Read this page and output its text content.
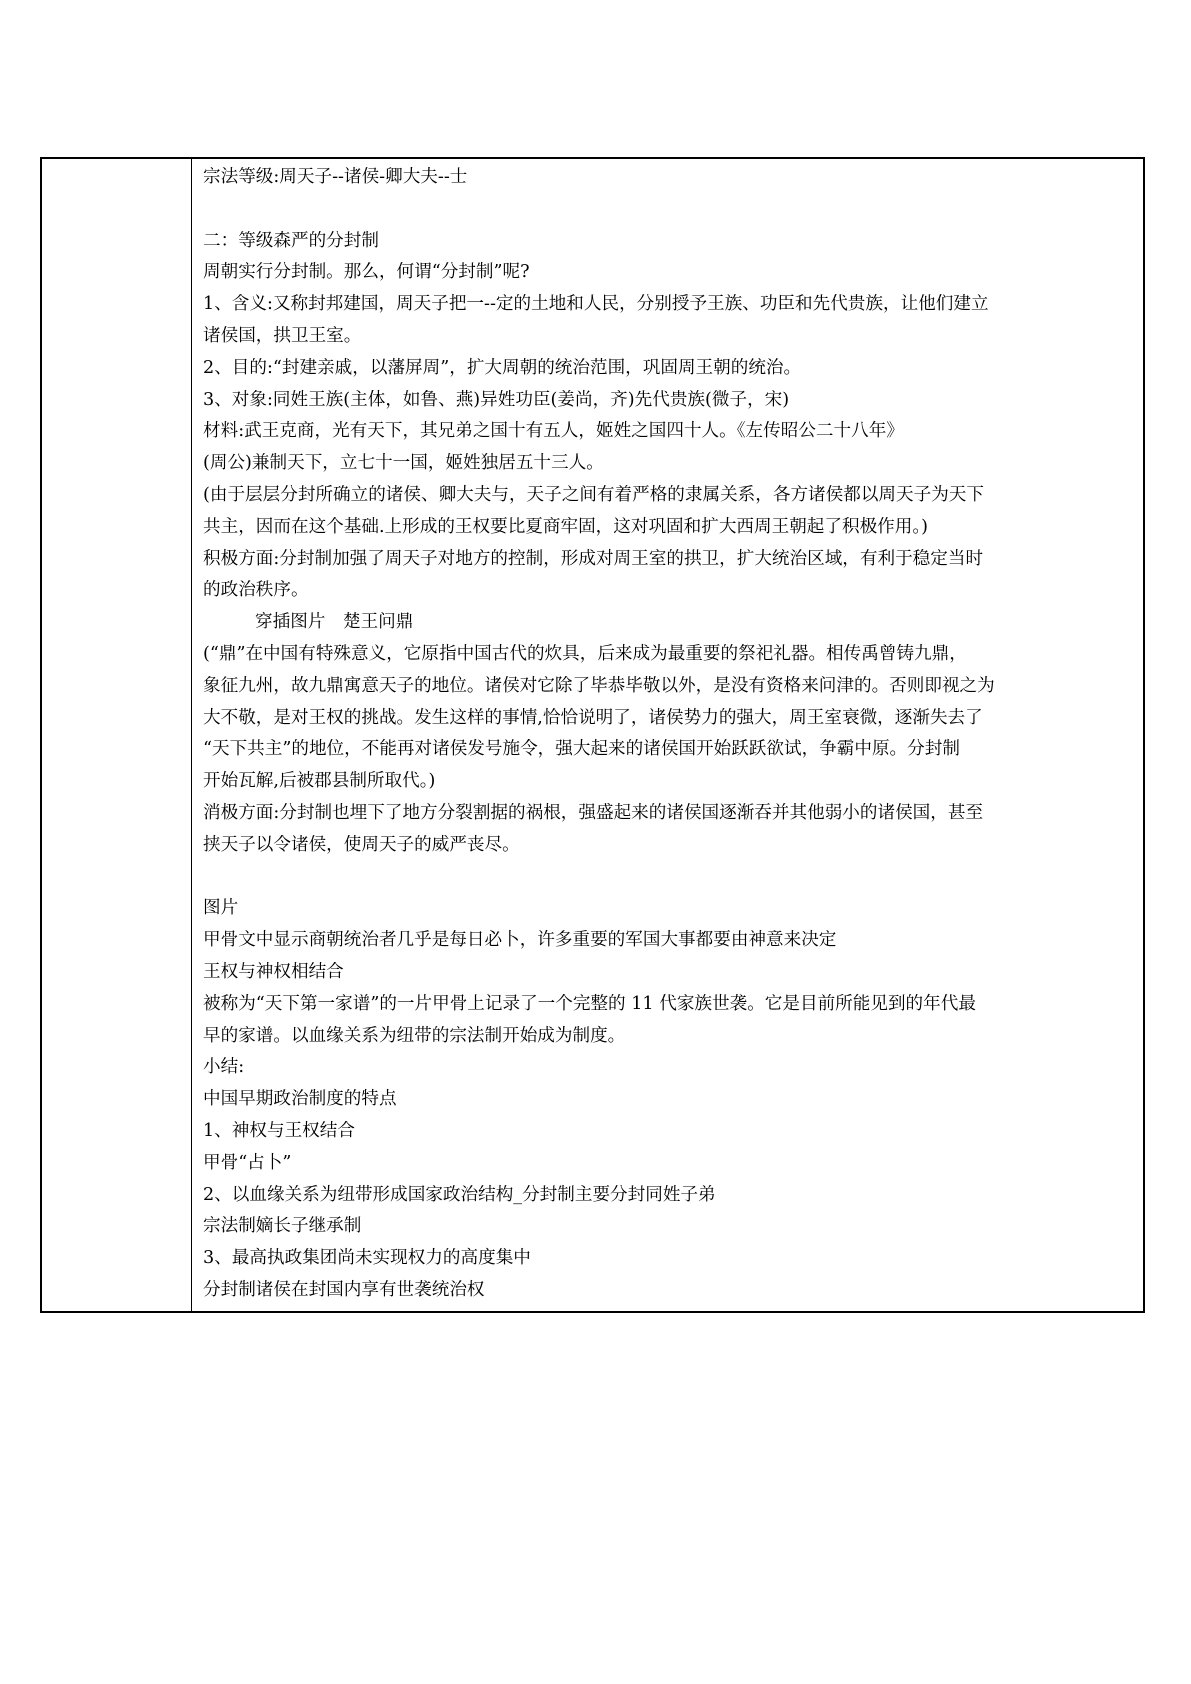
宗法等级:周天子--诸侯-卿大夫--士
二：等级森严的分封制
周朝实行分封制。那么，何谓“分封制”呢?
1、含义:又称封邦建国，周天子把一--定的土地和人民，分别授予王族、功臣和先代贵族，让他们建立
诸侯国，拱卫王室。
2、目的:“封建亲戚，以藩屏周”，扩大周朝的统治范围，巩固周王朝的统治。
3、对象:同姓王族(主体，如鲁、燕)异姓功臣(姜尚，齐)先代贵族(微子，宋)
材料:武王克商，光有天下，其兄弟之国十有五人，姬姓之国四十人。《左传昭公二十八年》
(周公)兼制天下，立七十一国，姬姓独居五十三人。
(由于层层分封所确立的诸侯、卿大夫与，天子之间有着严格的隶属关系，各方诸侯都以周天子为天下
共主，因而在这个基础.上形成的王权要比夏商牢固，这对巩固和扩大西周王朝起了积极作用。)
积极方面:分封制加强了周天子对地方的控制，形成对周王室的拱卫，扩大统治区域，有利于稳定当时
的政治秩序。
穿插图片　楚王问鼎
(“鼎”在中国有特殊意义，它原指中国古代的炊具，后来成为最重要的祭祀礼器。相传禹曾铸九鼎，
象征九州，故九鼎寓意天子的地位。诸侯对它除了毕恭毕敬以外，是没有资格来问津的。否则即视之为
大不敬，是对王权的挑战。发生这样的事情,恰恰说明了，诸侯势力的强大，周王室衰微，逐渐失去了
“天下共主”的地位，不能再对诸侯发号施令，强大起来的诸侯国开始跃跃欲试，争霸中原。分封制
开始瓦解,后被郡县制所取代。)
消极方面:分封制也埋下了地方分裂割据的祸根，强盛起来的诸侯国逐渐吞并其他弱小的诸侯国，甚至
挟天子以令诸侯，使周天子的威严丧尽。
图片
甲骨文中显示商朝统治者几乎是每日必卜，许多重要的军国大事都要由神意来决定
王权与神权相结合
被称为“天下第一家谱”的一片甲骨上记录了一个完整的 11 代家族世袭。它是目前所能见到的年代最
早的家谱。以血缘关系为纽带的宗法制开始成为制度。
小结:
中国早期政治制度的特点
1、神权与王权结合
甲骨“占卜”
2、以血缘关系为纽带形成国家政治结构_分封制主要分封同姓子弟
宗法制嫡长子继承制
3、最高执政集团尚未实现权力的高度集中
分封制诸侯在封国内享有世袭统治权
